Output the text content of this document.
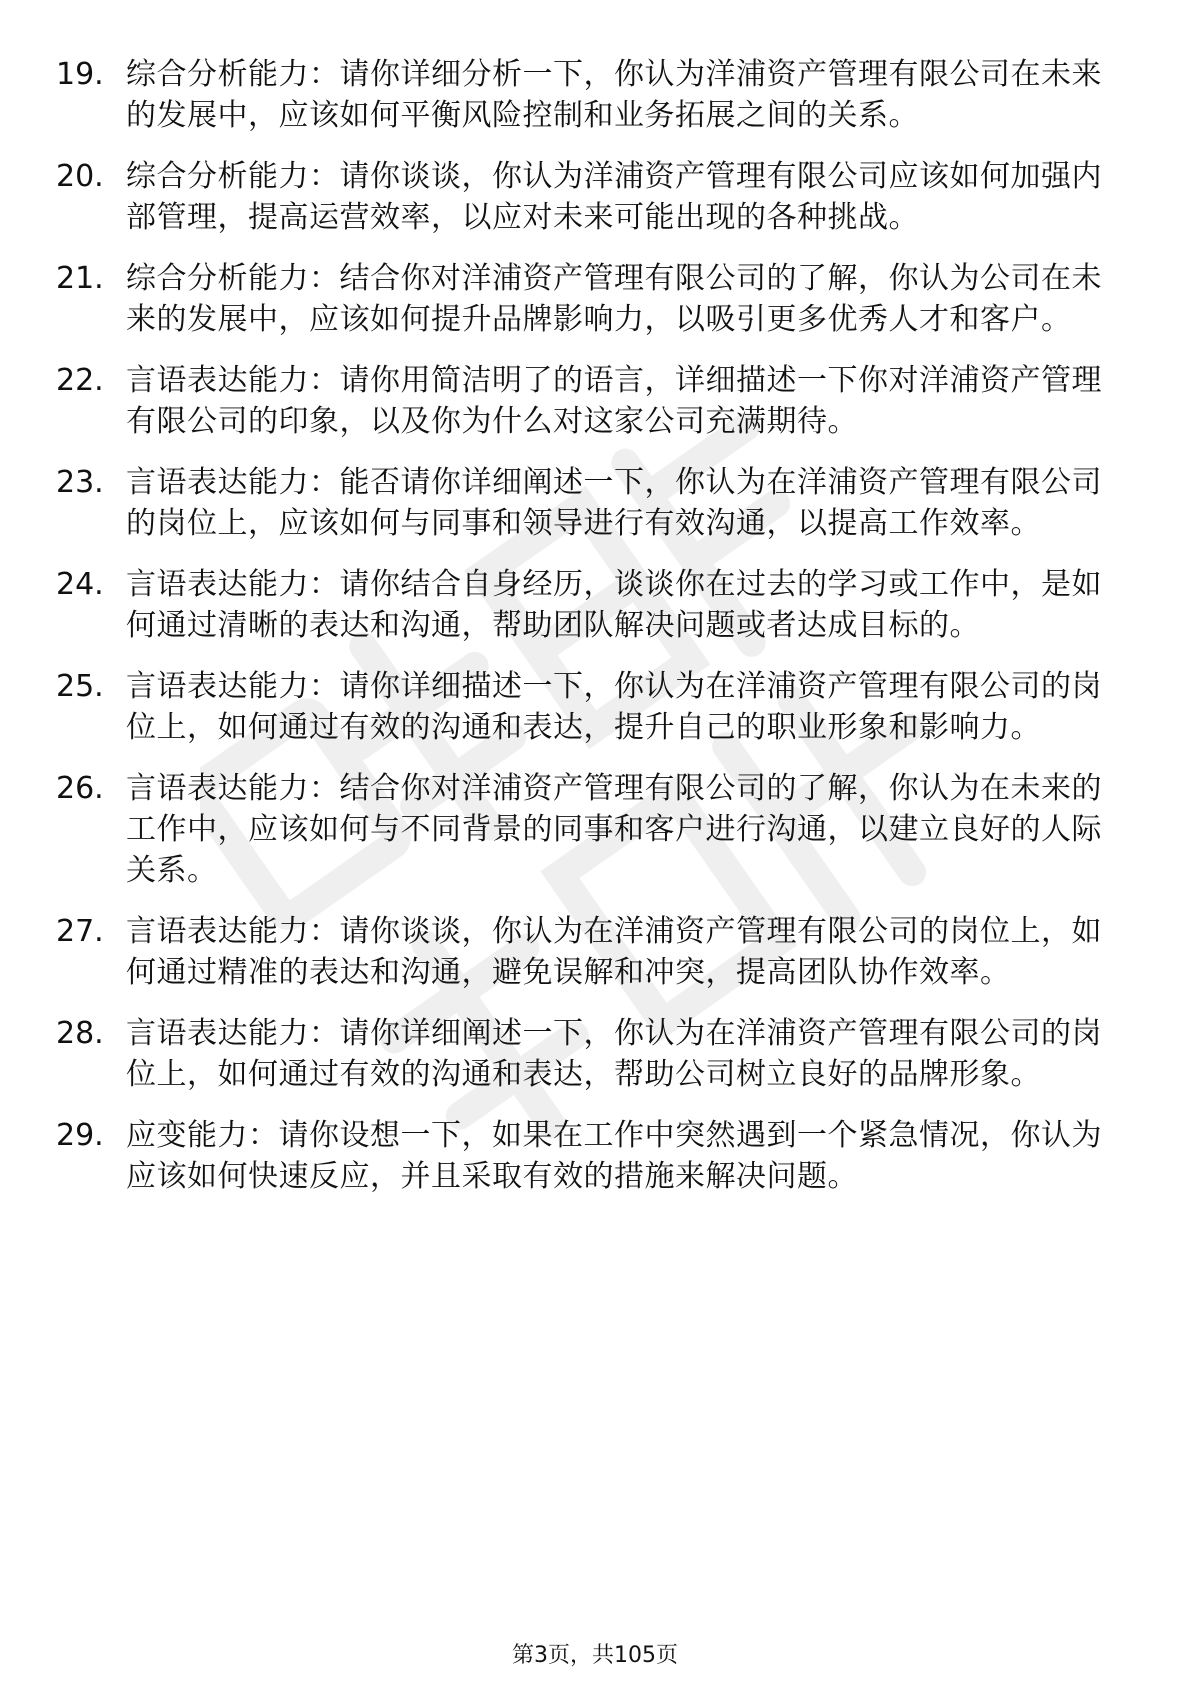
19. 综合分析能力：请你详细分析一下，你认为洋浦资产管理有限公司在未来的发展中，应该如何平衡风险控制和业务拓展之间的关系。
20. 综合分析能力：请你谈谈，你认为洋浦资产管理有限公司应该如何加强内部管理，提高运营效率，以应对未来可能出现的各种挑战。
21. 综合分析能力：结合你对洋浦资产管理有限公司的了解，你认为公司在未来的发展中，应该如何提升品牌影响力，以吸引更多优秀人才和客户。
22. 言语表达能力：请你用简洁明了的语言，详细描述一下你对洋浦资产管理有限公司的印象，以及你为什么对这家公司充满期待。
23. 言语表达能力：能否请你详细阐述一下，你认为在洋浦资产管理有限公司的岗位上，应该如何与同事和领导进行有效沟通，以提高工作效率。
24. 言语表达能力：请你结合自身经历，谈谈你在过去的学习或工作中，是如何通过清晰的表达和沟通，帮助团队解决问题或者达成目标的。
25. 言语表达能力：请你详细描述一下，你认为在洋浦资产管理有限公司的岗位上，如何通过有效的沟通和表达，提升自己的职业形象和影响力。
26. 言语表达能力：结合你对洋浦资产管理有限公司的了解，你认为在未来的工作中，应该如何与不同背景的同事和客户进行沟通，以建立良好的人际关系。
27. 言语表达能力：请你谈谈，你认为在洋浦资产管理有限公司的岗位上，如何通过精准的表达和沟通，避免误解和冲突，提高团队协作效率。
28. 言语表达能力：请你详细阐述一下，你认为在洋浦资产管理有限公司的岗位上，如何通过有效的沟通和表达，帮助公司树立良好的品牌形象。
29. 应变能力：请你设想一下，如果在工作中突然遇到一个紧急情况，你认为应该如何快速反应，并且采取有效的措施来解决问题。
第3页，共105页
